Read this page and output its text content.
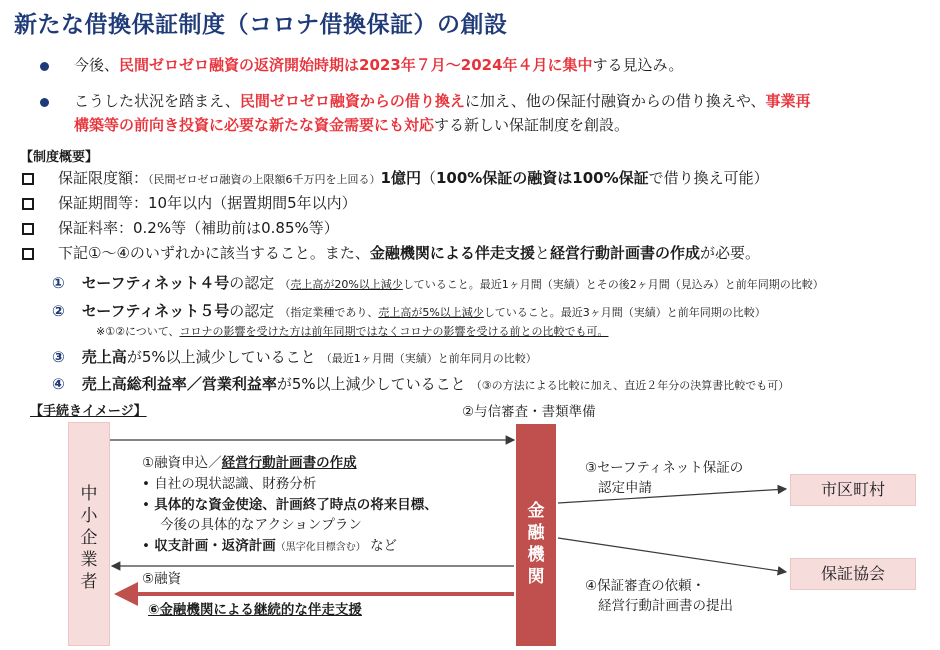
新たな借換保証制度（コロナ借換保証）の創設
今後、民間ゼロゼロ融資の返済開始時期は2023年７月～2024年４月に集中する見込み。
こうした状況を踏まえ、民間ゼロゼロ融資からの借り換えに加え、他の保証付融資からの借り換えや、事業再
構築等の前向き投資に必要な新たな資金需要にも対応する新しい保証制度を創設。
【制度概要】
保証限度額：（民間ゼロゼロ融資の上限額6千万円を上回る）1億円（100%保証の融資は100%保証で借り換え可能）
保証期間等：10年以内（据置期間5年以内）
保証料率：0.2%等（補助前は0.85%等）
下記①～④のいずれかに該当すること。また、金融機関による伴走支援と経営行動計画書の作成が必要。
① セーフティネット４号の認定 （売上高が20%以上減少していること。最近1ヶ月間（実績）とその後2ヶ月間（見込み）と前年同期の比較）
② セーフティネット５号の認定 （指定業種であり、売上高が5%以上減少していること。最近3ヶ月間（実績）と前年同期の比較）
※①②について、コロナの影響を受けた方は前年同期ではなくコロナの影響を受ける前との比較でも可。
③ 売上高が5%以上減少していること （最近1ヶ月間（実績）と前年同月の比較）
④ 売上高総利益率／営業利益率が5%以上減少していること （③の方法による比較に加え、直近２年分の決算書比較でも可）
【手続きイメージ】	②与信審査・書類準備
中
小
企
業
者
金
融
機
関
①融資申込／経営行動計画書の作成
• 自社の現状認識、財務分析
• 具体的な資金使途、計画終了時点の将来目標、
今後の具体的なアクションプラン
• 収支計画・返済計画（黒字化目標含む） など
⑤融資
⑥金融機関による継続的な伴走支援
③セーフティネット保証の
認定申請
④保証審査の依頼・
経営行動計画書の提出
市区町村
保証協会
